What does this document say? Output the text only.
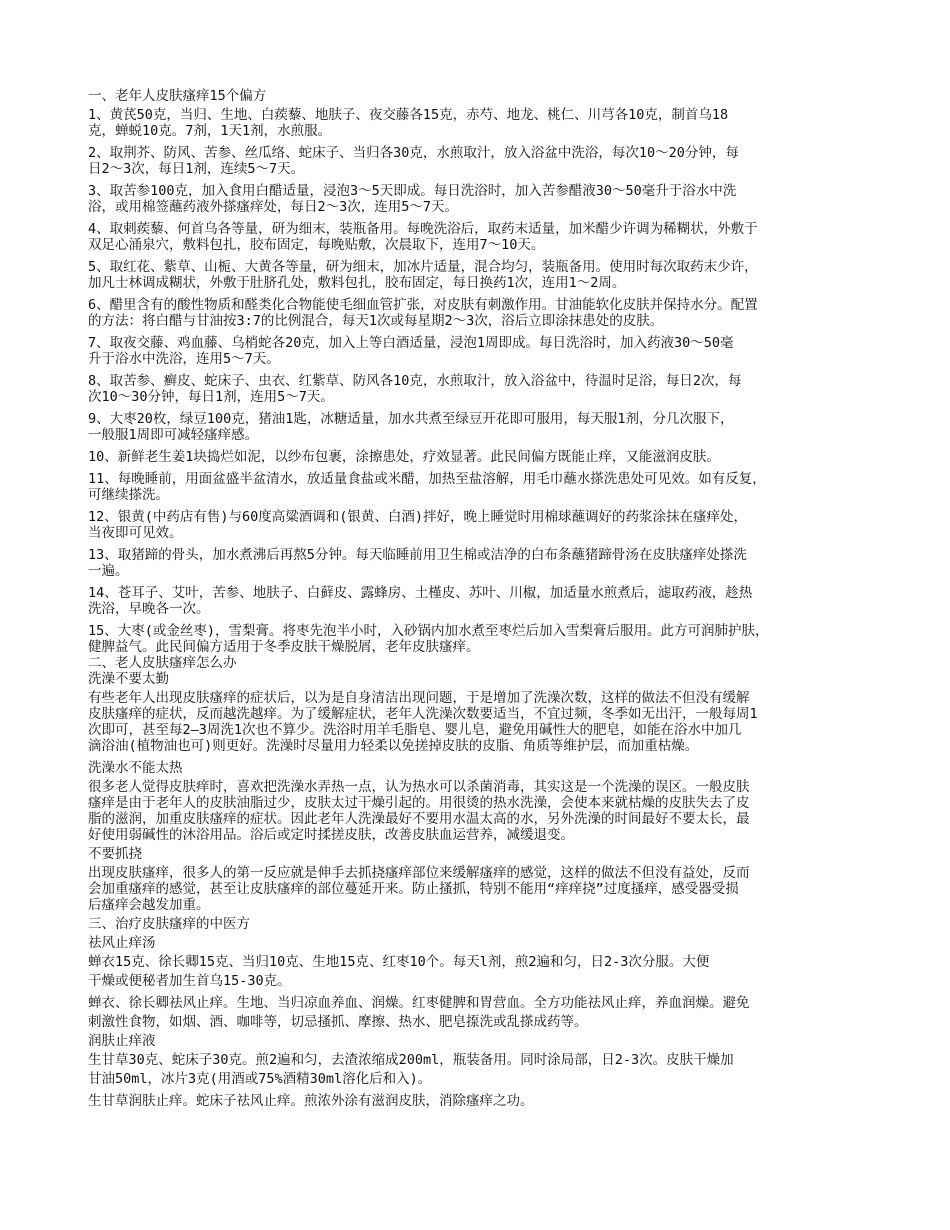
一、老年人皮肤瘙痒15个偏方
1、黄芪50克，当归、生地、白蒺藜、地肤子、夜交藤各15克，赤芍、地龙、桃仁、川芎各10克，制首乌18
克，蝉蜕10克。7剂，1天1剂，水煎服。
2、取荆芥、防风、苦参、丝瓜络、蛇床子、当归各30克，水煎取汁，放入浴盆中洗浴，每次10～20分钟，每
日2～3次，每日1剂，连续5～7天。
3、取苦参100克，加入食用白醋适量，浸泡3～5天即成。每日洗浴时，加入苦参醋液30～50毫升于浴水中洗
浴，或用棉签蘸药液外搽瘙痒处，每日2～3次，连用5～7天。
4、取刺蒺藜、何首乌各等量，研为细末，装瓶备用。每晚洗浴后，取药末适量，加米醋少许调为稀糊状，外敷于
双足心涌泉穴，敷料包扎，胶布固定，每晚贴敷，次晨取下，连用7～10天。
5、取红花、紫草、山栀、大黄各等量，研为细末，加冰片适量，混合均匀，装瓶备用。使用时每次取药末少许，
加凡士林调成糊状，外敷于肚脐孔处，敷料包扎，胶布固定，每日换药1次，连用1～2周。
6、醋里含有的酸性物质和醛类化合物能使毛细血管扩张，对皮肤有刺激作用。甘油能软化皮肤并保持水分。配置
的方法：将白醋与甘油按3:7的比例混合，每天1次或每星期2～3次，浴后立即涂抹患处的皮肤。
7、取夜交藤、鸡血藤、乌梢蛇各20克，加入上等白酒适量，浸泡1周即成。每日洗浴时，加入药液30～50毫
升于浴水中洗浴，连用5～7天。
8、取苦参、癣皮、蛇床子、虫衣、红紫草、防风各10克，水煎取汁，放入浴盆中，待温时足浴，每日2次，每
次10～30分钟，每日1剂，连用5～7天。
9、大枣20枚，绿豆100克，猪油1匙，冰糖适量，加水共煮至绿豆开花即可服用，每天服1剂，分几次服下，
一般服1周即可减轻瘙痒感。
10、新鲜老生姜1块捣烂如泥，以纱布包裹，涂擦患处，疗效显著。此民间偏方既能止痒，又能滋润皮肤。
11、每晚睡前，用面盆盛半盆清水，放适量食盐或米醋，加热至盐溶解，用毛巾蘸水搽洗患处可见效。如有反复，
可继续搽洗。
12、银黄(中药店有售)与60度高粱酒调和(银黄、白酒)拌好，晚上睡觉时用棉球蘸调好的药浆涂抹在瘙痒处，
当夜即可见效。
13、取猪蹄的骨头，加水煮沸后再熬5分钟。每天临睡前用卫生棉或洁净的白布条蘸猪蹄骨汤在皮肤瘙痒处搽洗
一遍。
14、苍耳子、艾叶，苦参、地肤子、白藓皮、露蜂房、土槿皮、苏叶、川椒，加适量水煎煮后，滤取药液，趁热
洗浴，早晚各一次。
15、大枣(或金丝枣)，雪梨膏。将枣先泡半小时，入砂锅内加水煮至枣烂后加入雪梨膏后服用。此方可润肺护肤，
健脾益气。此民间偏方适用于冬季皮肤干燥脱屑，老年皮肤瘙痒。
二、老人皮肤瘙痒怎么办
洗澡不要太勤
有些老年人出现皮肤瘙痒的症状后，以为是自身清洁出现问题，于是增加了洗澡次数，这样的做法不但没有缓解
皮肤瘙痒的症状，反而越洗越痒。为了缓解症状，老年人洗澡次数要适当，不宜过频，冬季如无出汗，一般每周1
次即可，甚至每2—3周洗1次也不算少。洗浴时用羊毛脂皂、婴儿皂，避免用碱性大的肥皂，如能在浴水中加几
滴浴油(植物油也可)则更好。洗澡时尽量用力轻柔以免搓掉皮肤的皮脂、角质等维护层，而加重枯燥。
洗澡水不能太热
很多老人觉得皮肤痒时，喜欢把洗澡水弄热一点，认为热水可以杀菌消毒，其实这是一个洗澡的误区。一般皮肤
瘙痒是由于老年人的皮肤油脂过少，皮肤太过干燥引起的。用很烫的热水洗澡，会使本来就枯燥的皮肤失去了皮
脂的滋润，加重皮肤瘙痒的症状。因此老年人洗澡最好不要用水温太高的水，另外洗澡的时间最好不要太长，最
好使用弱碱性的沐浴用品。浴后或定时揉搓皮肤，改善皮肤血运营养，减缓退变。
不要抓挠
出现皮肤瘙痒，很多人的第一反应就是伸手去抓挠瘙痒部位来缓解瘙痒的感觉，这样的做法不但没有益处，反而
会加重瘙痒的感觉，甚至让皮肤瘙痒的部位蔓延开来。防止搔抓，特别不能用“痒痒挠”过度搔痒，感受器受损
后瘙痒会越发加重。
三、治疗皮肤瘙痒的中医方
祛风止痒汤
蝉衣15克、徐长卿15克、当归10克、生地15克、红枣10个。每天l剂，煎2遍和匀，日2-3次分服。大便
干燥或便秘者加生首乌15-30克。
蝉衣、徐长卿祛风止痒。生地、当归凉血养血、润燥。红枣健脾和胃营血。全方功能祛风止痒，养血润燥。避免
刺激性食物，如烟、酒、咖啡等，切忌搔抓、摩擦、热水、肥皂揼洗或乱搽成药等。
润肤止痒液
生甘草30克、蛇床子30克。煎2遍和匀，去渣浓缩成200ml，瓶装备用。同时涂局部，日2-3次。皮肤干燥加
甘油50ml，冰片3克(用酒或75%酒精30ml溶化后和入)。
生甘草润肤止痒。蛇床子祛风止痒。煎浓外涂有滋润皮肤，消除瘙痒之功。
